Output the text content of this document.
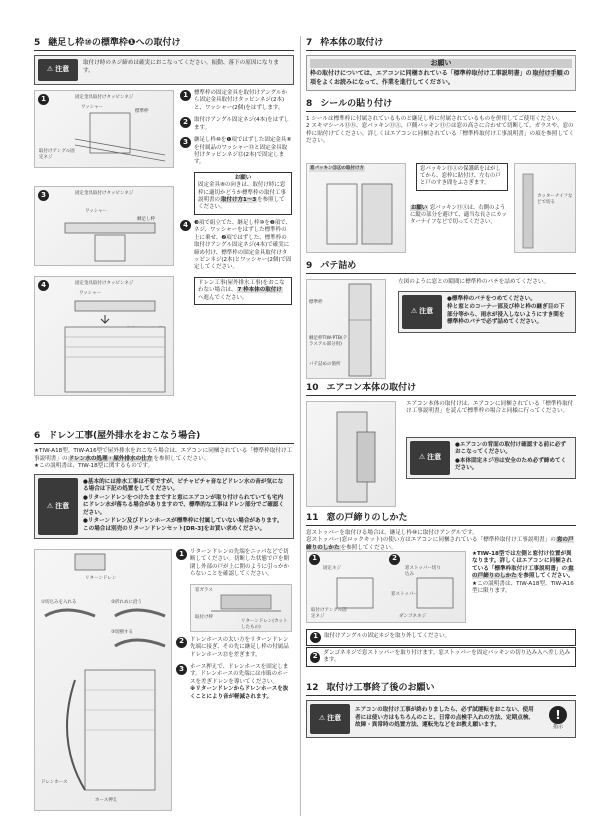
5 継足し枠⑩の標準枠❶への取付け
⚠ 注意
取付け時のネジ締めは確実におこなってください。振動、落下の原因になります。
1	固定金具取付けタッピンネジ
ワッシャー
標準枠
取付けアングル固定ネジ
3	固定金具取付けタッピンネジ
ワッシャー
継足し枠
4	固定金具取付けタッピンネジ
ワッシャー
1	標準枠の固定金具を取付けアングルから固定金具取付けタッピンネジ(2本)と、ワッシャー(2個)をはずします。
2	取付けアングル固定ネジ(4本)をはずします。
3	継足し枠⑩を❶項ではずした固定金具⑧を付属品のワッシャー⑬と固定金具取付けタッピンネジ⑫(2本)で固定します。
お願い
固定金具⑧の向きは、取付け時に窓枠に適切かどうか標準枠の取付工事説明書の取付け方1〜3を参照してください。
4	❸項で組立てた、継足し枠⑩を❷項で、ネジ、ワッシャーをはずした標準枠の上に乗せ、❷項ではずした、標準枠の取付けアングル固定ネジ(4本)で確実に締め付け、標準枠の固定金具取付けタッピンネジ(2本)とワッシャー(2個)で固定してください。
ドレン工事(屋外排水工事)をおこなわない場合は、7 枠本体の取付けへ進んでください。
6 ドレン工事(屋外排水をおこなう場合)
★TIW-A18型、TIW-A16型で屋外排水をおこなう場合は、エアコンに同梱されている「標準枠取付け工事説明書」のドレン水の処理・屋外排水の仕方を参照してください。
★この説明書は、TIW-18型に関するものです。
⚠ 注意

●基本的には排水工事は不要ですが、ピチャピチャ音などドレン水の音が気になる場合は下記の処置をしてください。

●リターンドレンをつけたままですと窓にエアコンが取り付けられていても宅内にドレン水が落ちる場合がありますので、標準的な工事はドレン部分でご確認ください。

●リターンドレン及びドレンホースが標準枠に付属していない場合があります。この場合は別売のリターンドレンセット[DR-3]をお買い求めください。

リターンドレン
①切込みを入れる	②折れめに沿う
③切断する
ドレンホース
ホース押え
1	リターンドレンの先端をニッパなどで切断してください。切断した状態で戸を開閉し外部の戸が上に開のように引っかからないことを確認してください。
窓ガラス
取付け枠
リターンドレン(カットしたもの)
2	ドレンホースの太い方をリターンドレン先端に接ぎ、その先に継足し枠の付属品ドレンホース⑫を差ぎます。
3	ホース押えで、ドレンホースを固定します。ドレンホースの先端には市販のホースを差ぎドレンを導いてください。
※リターンドレンからドレンホースを抜くことにより音が軽減されます。
7 枠本体の取付け
お願い
枠の取付けについては、エアコンに同梱されている「標準枠取付け工事説明書」の取付け手順の項をよくお読みになって、作業を進行してください。
8 シールの貼り付け
1 シールは標準枠に付属されているものと継足し枠に付属されているものを併用してご使用ください。
2 スキマシール⑪Ⓑ、窓パッキン⑪Ⓐ、戸側パッキン⑪Ⓒは窓の高さに合わせて切断して、ガラスや、窓の枠に貼付けてください。詳しくはエアコンに同梱されている「標準枠取付け工事説明書」の項を参照してください。
窓パッキン⑪Ⓐの取付け方	窓パッキン⑪Ⓐの保護紙をはがしてから、窓枠に貼付け、左右の戸と戸のすき間をふさぎます。
お願い 窓パッキン⑪Ⓐは、右側のように縦の部分を避けて、適当な長さにカッターナイフなどで切ってください。
カッターナイフなどで切る
9 パテ詰め
標準枠
継足枠TIW-PTB(テラスアル部分用)
パテ詰めの箇所
左図のように窓との隙間に標準枠のパテを詰めてください。
⚠ 注意

●標準枠のパテをつめてください。

枠と窓とのコーナー部及び枠と枠の継ぎ目の下部分等から、雨水が浸入しないようにすき間を標準枠のパテで必ず詰めてください。

10 エアコン本体の取付け
エアコン本体の取付けは、エアコンに同梱されている「標準枠取付け工事説明書」を読んで標準枠の場合と同様に行ってください。
⚠ 注意

●エアコンの背面の取付け確認する前に必ずおこなってください。

●本体固定ネジ⑮は安全のため必ず締めてください。

11 窓の戸締りのしかた
窓ストッパーを取付ける場合は、継足し枠⑩に取付けアングルです。
窓ストッパー(窓ロックキット)の使い方はエアコンに同梱されている「標準枠取付け工事説明書」の窓の戸締りのしかたを参照してください。
1	2
固定ネジ	窓ストッパー切り込み
取付けアングル固定ネジ
窓ストッパー
ダンゴネネジ
★TIW-18型では左側と窓付け位置が異なります。詳しくはエアコンに同梱されている「標準枠取付け工事説明書」の窓の戸締りのしかたを参照してください。
★この説明書は、TIW-A18型、TIW-A16型に限ります。
1	取付けアングルの固定ネジを取り外してください。
2	ダンゴネネジで窓ストッパーを取り付けます。窓ストッパーを固定パッキンの切り込み入へ差し込みます。
12 取付け工事終了後のお願い
⚠ 注意
エアコンの取付け工事が終わりましたら、必ず試運転をおこない、使用者には使い方はもちろんのこと、日常の点検手入れの方法、定期点検、故障・異常時の処置方法、運転先などをお教え願います。
!
指示
